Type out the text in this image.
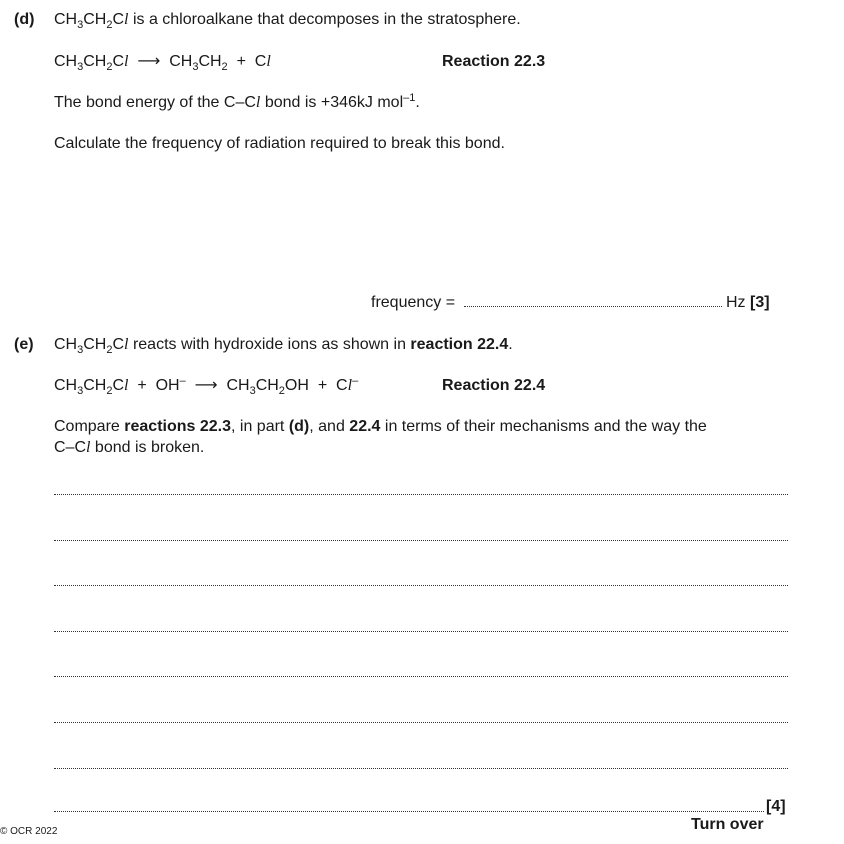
(d) $CH_3CH_2Cl$ is a chloroalkane that decomposes in the stratosphere.
$CH_3CH_2Cl$ ⟶ $CH_3CH_2 + Cl$	Reaction 22.3
The bond energy of the C–Cl bond is +346kJ mol$^{-1}$.
Calculate the frequency of radiation required to break this bond.
frequency =	Hz [3]
(e) $CH_3CH_2Cl$ reacts with hydroxide ions as shown in reaction 22.4.
$CH_3CH_2Cl + OH^-$ ⟶ $CH_3CH_2OH + Cl^-$	Reaction 22.4
Compare reactions 22.3, in part (d), and 22.4 in terms of their mechanisms and the way the
C–Cl bond is broken.
[4]
© OCR 2022	Turn over
